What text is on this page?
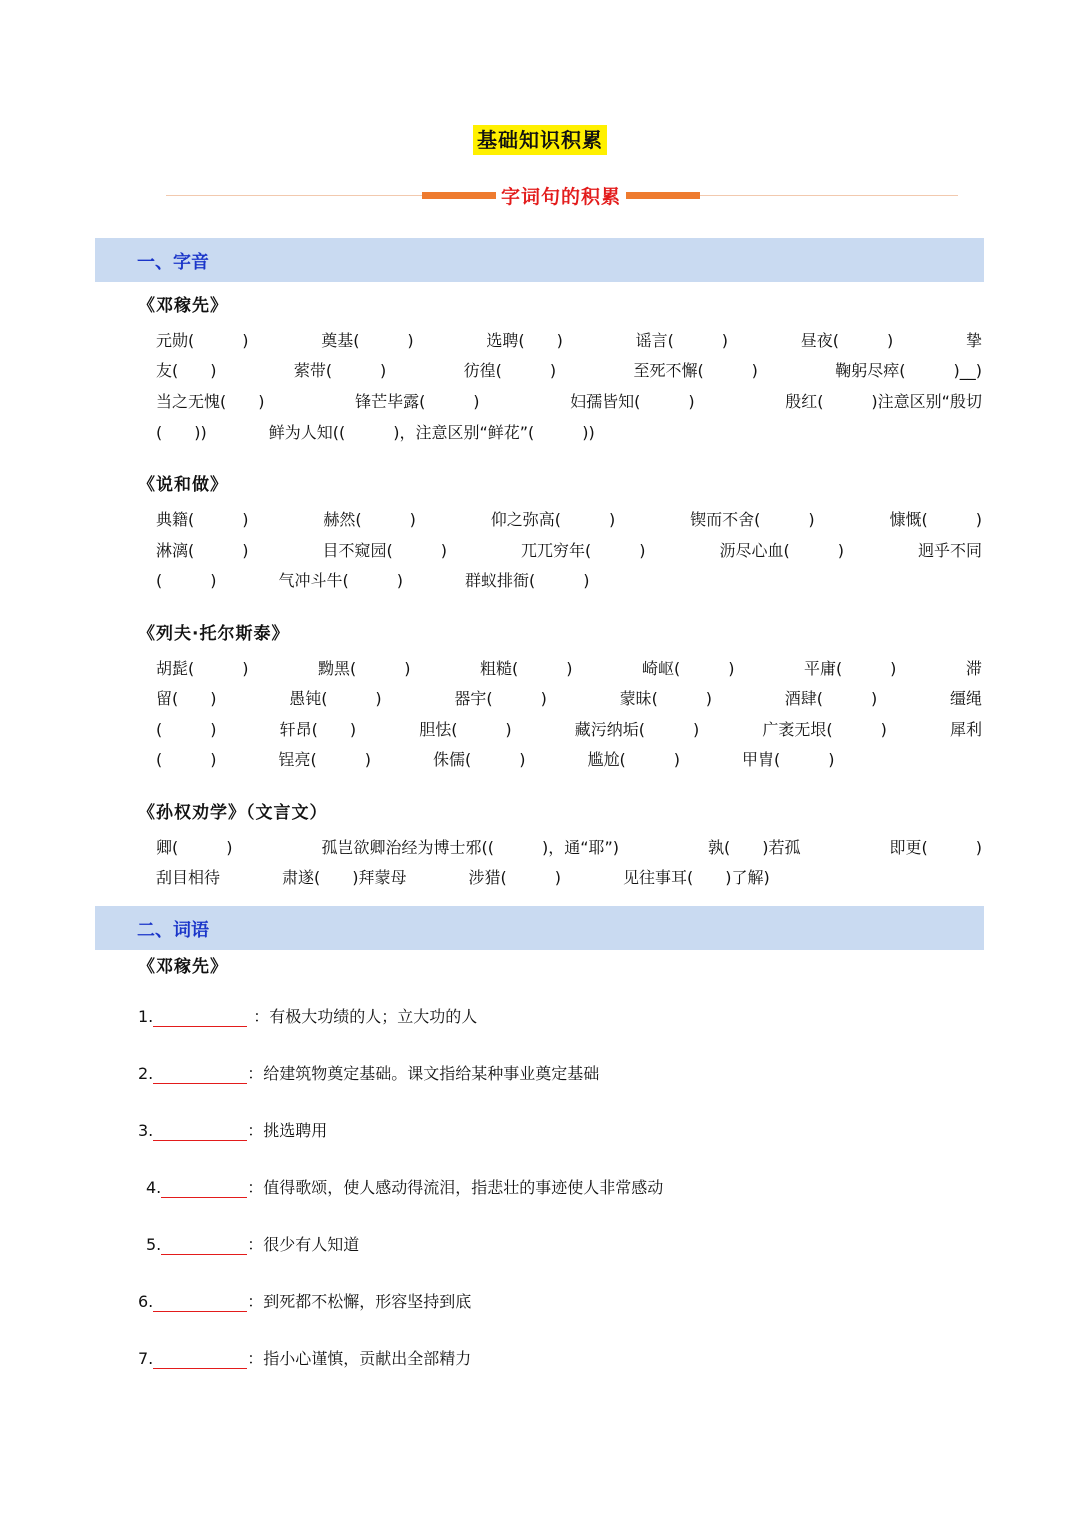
基础知识积累
字词句的积累
一、字音
《邓稼先》
元勋(　　　)	奠基(　　　)	选聘(　　)	谣言(　　　)	昼夜(　　　)	挚
友(　　)	萦带(　　　)	彷徨(　　　)	至死不懈(　　　)	鞠躬尽瘁(　　　)__)
当之无愧(　　)	锋芒毕露(　　　)	妇孺皆知(　　　)	殷红(　　　)注意区别“殷切
(　　))	鲜为人知((　　　)，注意区别“鲜花”(　　　))
《说和做》
典籍(　　　)	赫然(　　　)	仰之弥高(　　　)	锲而不舍(　　　)	慷慨(　　　)
淋漓(　　　)	目不窥园(　　　)	兀兀穷年(　　　)	沥尽心血(　　　)	迥乎不同
(　　　)	气冲斗牛(　　　)	群蚁排衙(　　　)
《列夫·托尔斯泰》
胡髭(　　　)	黝黑(　　　)	粗糙(　　　)	崎岖(　　　)	平庸(　　　)	滞
留(　　)	愚钝(　　　)	器宇(　　　)	蒙昧(　　　)	酒肆(　　　)	缰绳
(　　　)	轩昂(　　)	胆怯(　　　)	藏污纳垢(　　　)	广袤无垠(　　　)	犀利
(　　　)	锃亮(　　　)	侏儒(　　　)	尴尬(　　　)	甲胄(　　　)
《孙权劝学》（文言文）
卿(　　　)	孤岂欲卿治经为博士邪((　　　)，通“耶”)	孰(　　)若孤	即更(　　　)
刮目相待	肃遂(　　)拜蒙母	涉猎(　　　)	见往事耳(　　)了解)
二、词语
《邓稼先》
1.	：有极大功绩的人；立大功的人
2.	：给建筑物奠定基础。课文指给某种事业奠定基础
3.	：挑选聘用
4.	：值得歌颂，使人感动得流泪，指悲壮的事迹使人非常感动
5.	：很少有人知道
6.	：到死都不松懈，形容坚持到底
7.	：指小心谨慎，贡献出全部精力
